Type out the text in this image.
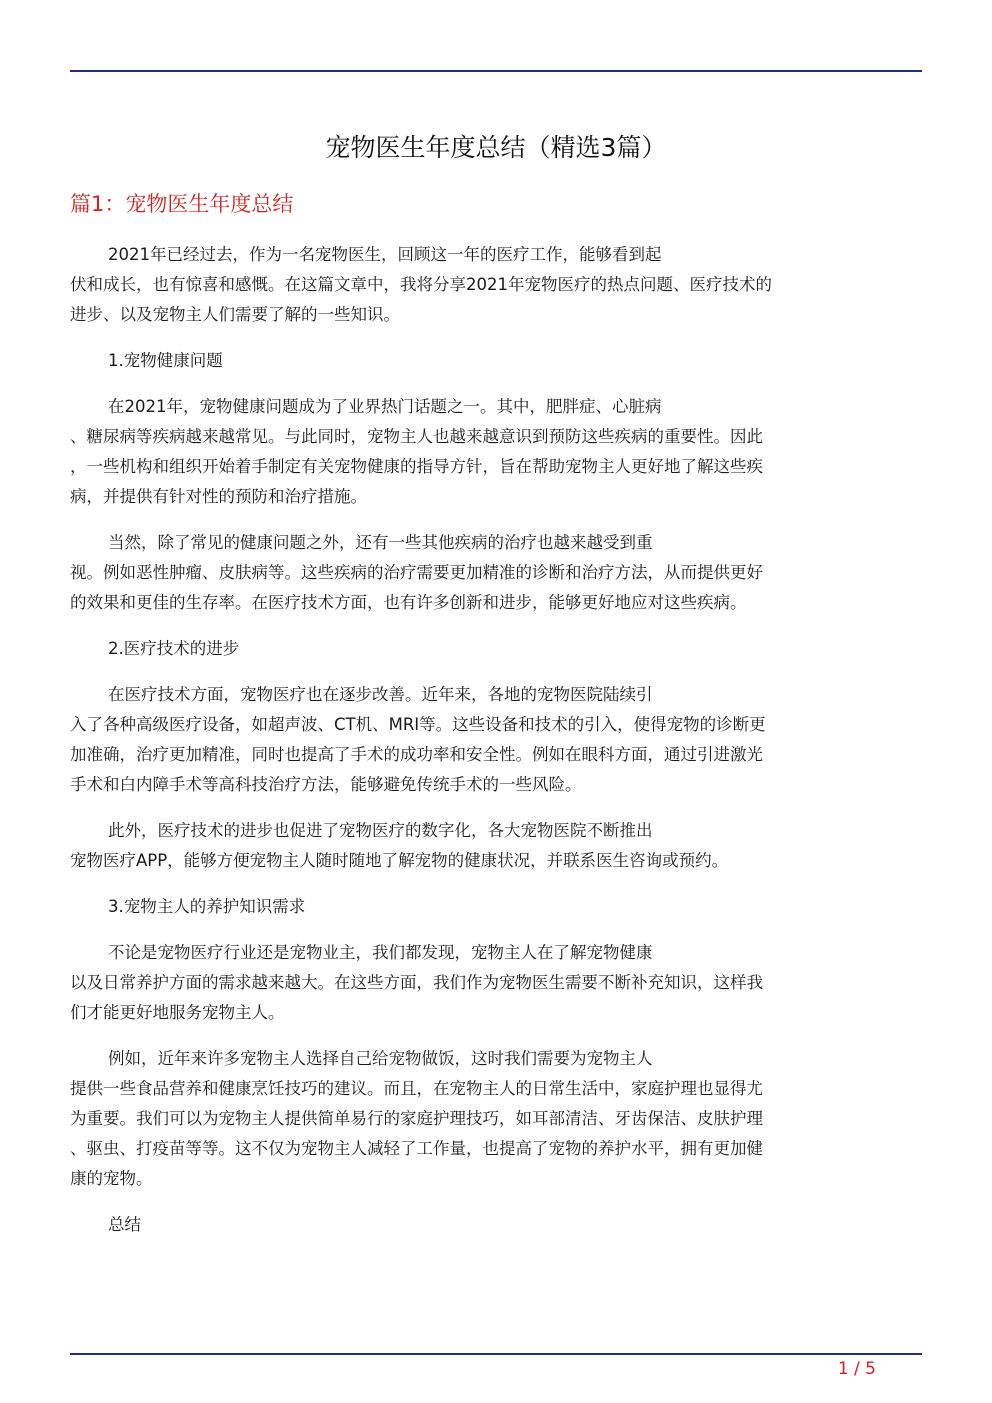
宠物医生年度总结（精选3篇）
篇1：宠物医生年度总结
2021年已经过去，作为一名宠物医生，回顾这一年的医疗工作，能够看到起
伏和成长，也有惊喜和感慨。在这篇文章中，我将分享2021年宠物医疗的热点问题、医疗技术的
进步、以及宠物主人们需要了解的一些知识。
1.宠物健康问题
在2021年，宠物健康问题成为了业界热门话题之一。其中，肥胖症、心脏病
、糖尿病等疾病越来越常见。与此同时，宠物主人也越来越意识到预防这些疾病的重要性。因此
，一些机构和组织开始着手制定有关宠物健康的指导方针，旨在帮助宠物主人更好地了解这些疾
病，并提供有针对性的预防和治疗措施。
当然，除了常见的健康问题之外，还有一些其他疾病的治疗也越来越受到重
视。例如恶性肿瘤、皮肤病等。这些疾病的治疗需要更加精准的诊断和治疗方法，从而提供更好
的效果和更佳的生存率。在医疗技术方面，也有许多创新和进步，能够更好地应对这些疾病。
2.医疗技术的进步
在医疗技术方面，宠物医疗也在逐步改善。近年来，各地的宠物医院陆续引
入了各种高级医疗设备，如超声波、CT机、MRI等。这些设备和技术的引入，使得宠物的诊断更
加准确，治疗更加精准，同时也提高了手术的成功率和安全性。例如在眼科方面，通过引进激光
手术和白内障手术等高科技治疗方法，能够避免传统手术的一些风险。
此外，医疗技术的进步也促进了宠物医疗的数字化，各大宠物医院不断推出
宠物医疗APP，能够方便宠物主人随时随地了解宠物的健康状况，并联系医生咨询或预约。
3.宠物主人的养护知识需求
不论是宠物医疗行业还是宠物业主，我们都发现，宠物主人在了解宠物健康
以及日常养护方面的需求越来越大。在这些方面，我们作为宠物医生需要不断补充知识，这样我
们才能更好地服务宠物主人。
例如，近年来许多宠物主人选择自己给宠物做饭，这时我们需要为宠物主人
提供一些食品营养和健康烹饪技巧的建议。而且，在宠物主人的日常生活中，家庭护理也显得尤
为重要。我们可以为宠物主人提供简单易行的家庭护理技巧，如耳部清洁、牙齿保洁、皮肤护理
、驱虫、打疫苗等等。这不仅为宠物主人减轻了工作量，也提高了宠物的养护水平，拥有更加健
康的宠物。
总结
1 / 5
